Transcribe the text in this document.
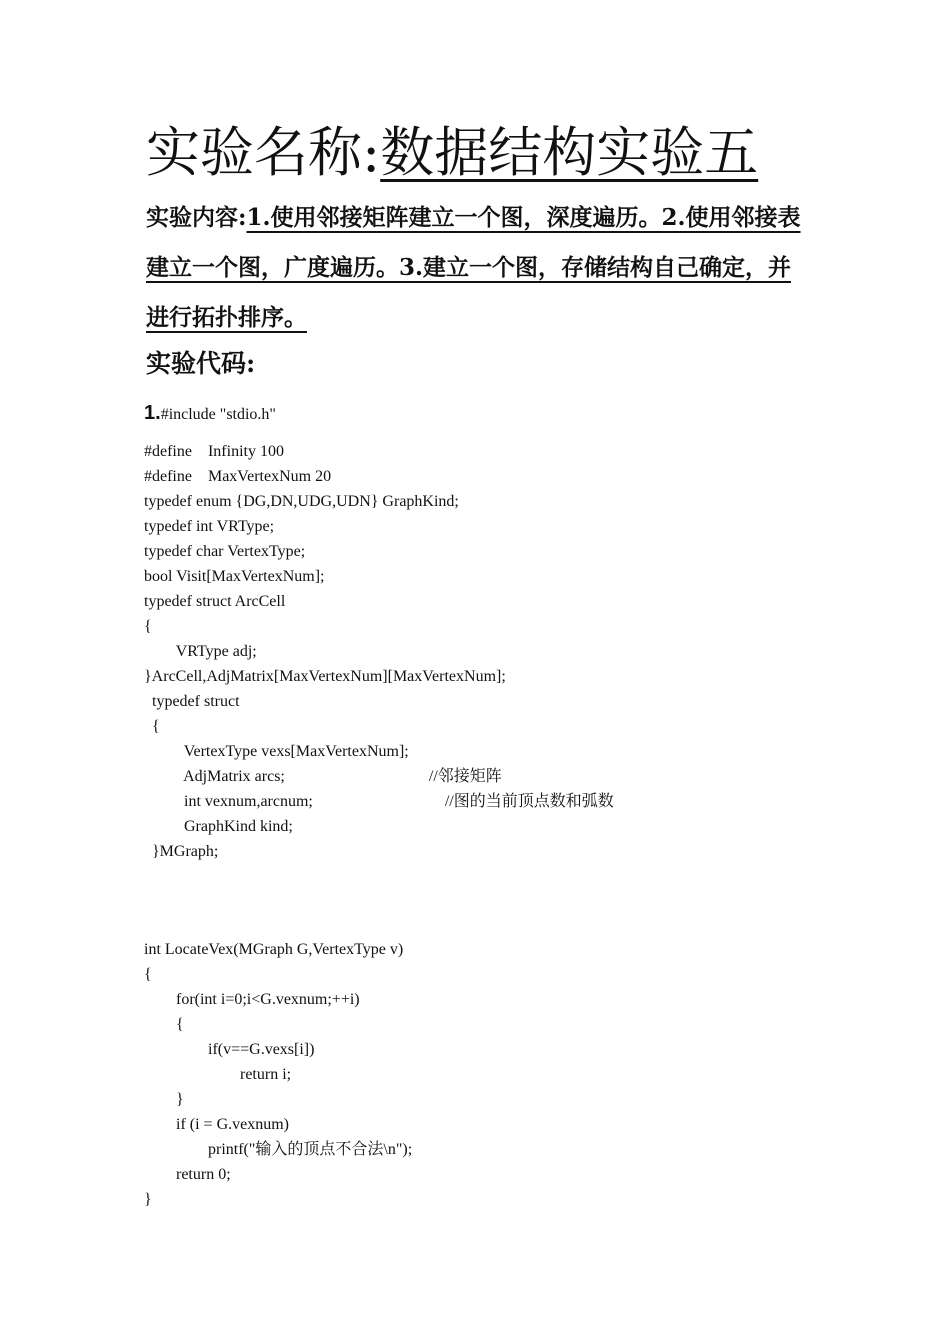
实验名称:数据结构实验五
实验内容:1.使用邻接矩阵建立一个图，深度遍历。2.使用邻接表建立一个图，广度遍历。3.建立一个图，存储结构自己确定，并进行拓扑排序。
实验代码:
1.#include "stdio.h"
#define    Infinity 100
#define    MaxVertexNum 20
typedef enum {DG,DN,UDG,UDN} GraphKind;
typedef int VRType;
typedef char VertexType;
bool Visit[MaxVertexNum];
typedef struct ArcCell
{
VRType adj;
}ArcCell,AdjMatrix[MaxVertexNum][MaxVertexNum];
typedef struct
{
VertexType vexs[MaxVertexNum];
AdjMatrix arcs;                                    //邻接矩阵
int vexnum,arcnum;                                 //图的当前顶点数和弧数
GraphKind kind;
}MGraph;
int LocateVex(MGraph G,VertexType v)
{
for(int i=0;i<G.vexnum;++i)
{
if(v==G.vexs[i])
return i;
}
if (i = G.vexnum)
printf("输入的顶点不合法\n");
return 0;
}
